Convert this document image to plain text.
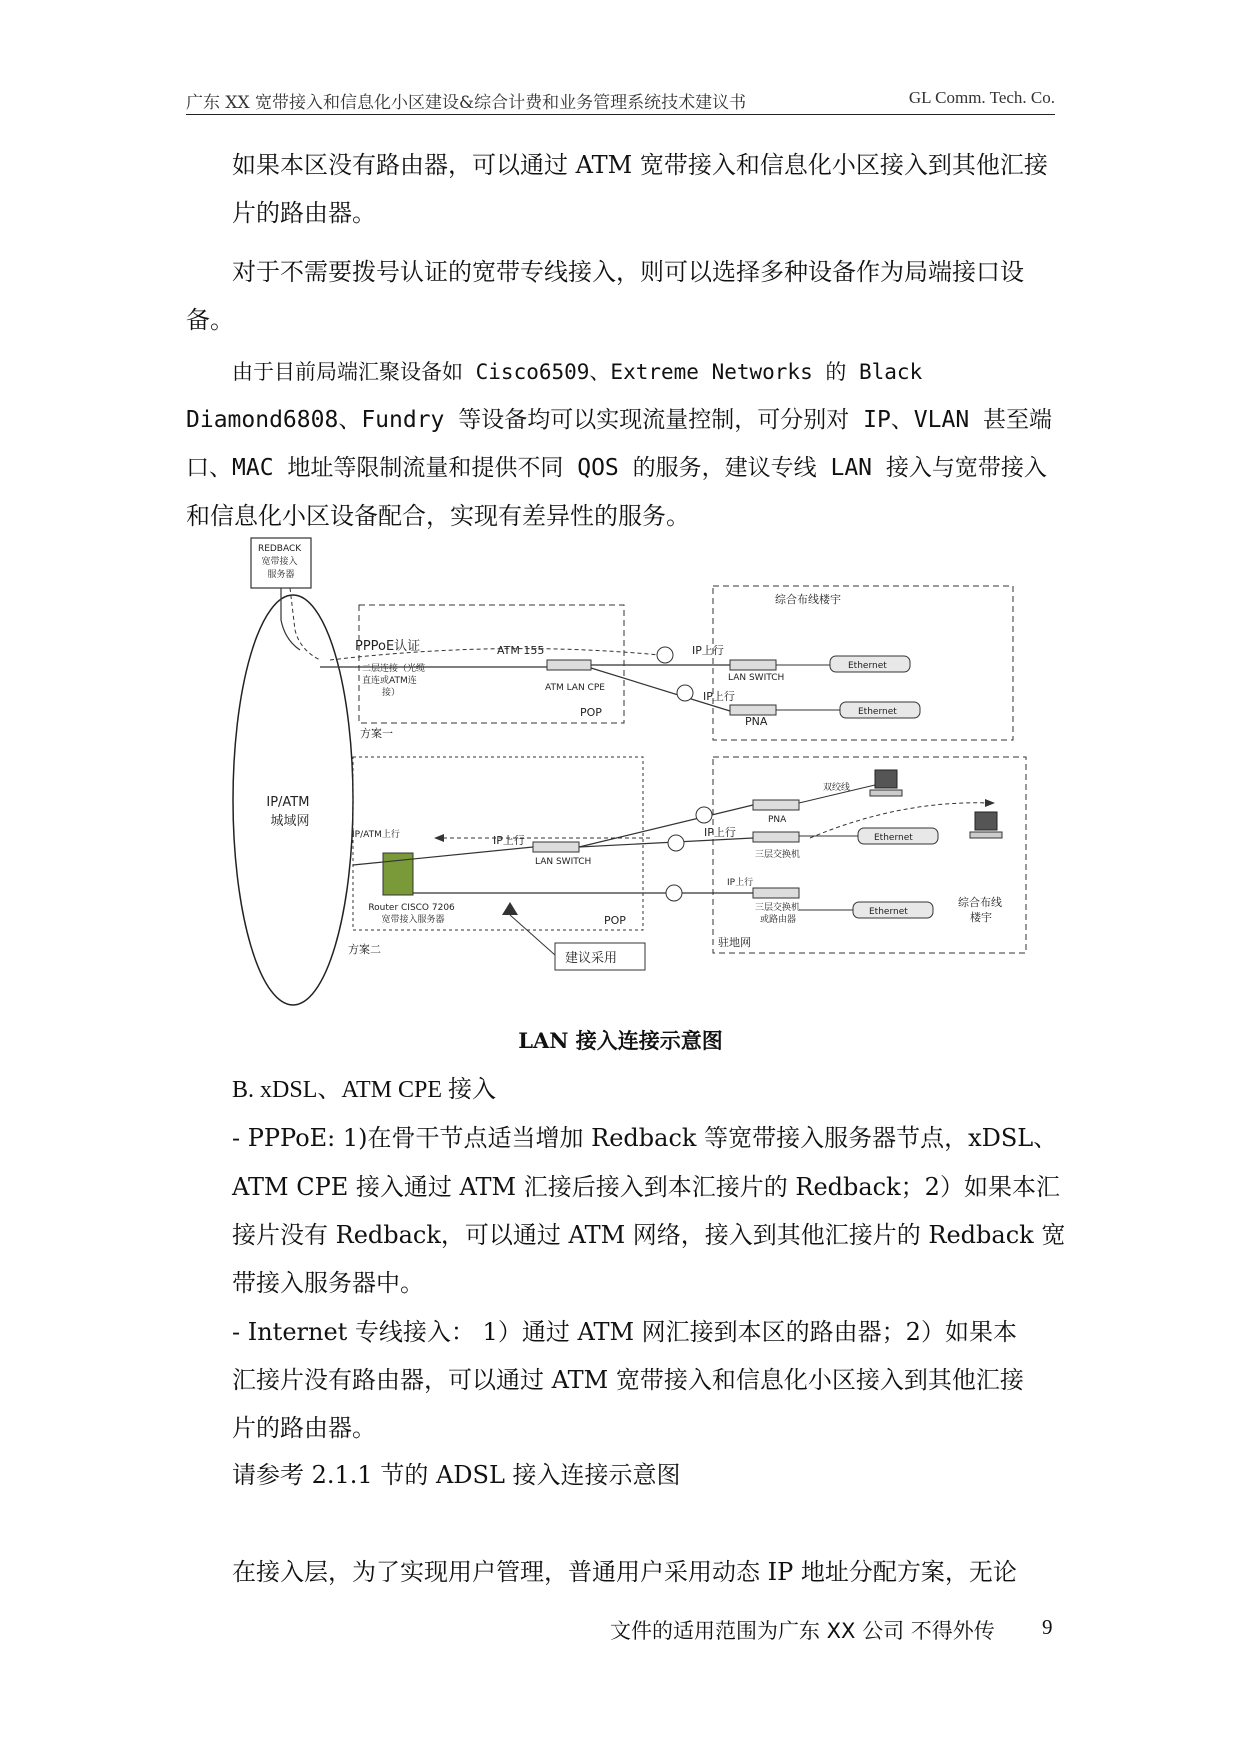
广东 XX 宽带接入和信息化小区建设&综合计费和业务管理系统技术建议书	GL Comm. Tech. Co.

如果本区没有路由器，可以通过 ATM 宽带接入和信息化小区接入到其他汇接

片的路由器。

对于不需要拨号认证的宽带专线接入，则可以选择多种设备作为局端接口设

备。

由于目前局端汇聚设备如 Cisco6509、Extreme Networks 的 Black

Diamond6808、Fundry 等设备均可以实现流量控制，可分别对 IP、VLAN 甚至端

口、MAC 地址等限制流量和提供不同 QOS 的服务，建议专线 LAN 接入与宽带接入

和信息化小区设备配合，实现有差异性的服务。

REDBACK 宽带接入 服务器
IP/ATM 城域网
PPPoE认证	ATM 155
二层连接（光缆 直连或ATM连 接）	ATM LAN CPE
POP
方案一
综合布线楼宇
IP上行
IP上行
LAN SWITCH
Ethernet
PNA
Ethernet
IP/ATM上行	IP上行
Router CISCO 7206 宽带接入服务器
LAN SWITCH
POP
方案二
IP上行
IP上行
建议采用
PNA
双绞线
三层交换机
Ethernet
三层交换机 或路由器
Ethernet
综合布线 楼宇
驻地网
LAN 接入连接示意图

B. xDSL、ATM CPE 接入

- PPPoE: 1)在骨干节点适当增加 Redback 等宽带接入服务器节点，xDSL、

ATM CPE 接入通过 ATM 汇接后接入到本汇接片的 Redback；2）如果本汇

接片没有 Redback，可以通过 ATM 网络，接入到其他汇接片的 Redback 宽

带接入服务器中。

- Internet 专线接入： 1）通过 ATM 网汇接到本区的路由器；2）如果本

汇接片没有路由器，可以通过 ATM 宽带接入和信息化小区接入到其他汇接

片的路由器。

请参考 2.1.1 节的 ADSL 接入连接示意图

在接入层，为了实现用户管理，普通用户采用动态 IP 地址分配方案，无论

文件的适用范围为广东 XX 公司 不得外传 9
